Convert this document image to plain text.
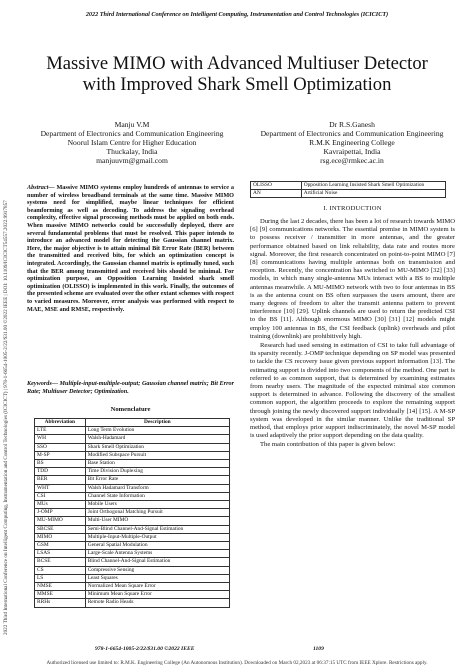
2022 Third International Conference on Intelligent Computing, Instrumentation and Control Technologies (ICICICT)
2022 Third International Conference on Intelligent Computing, Instrumentation and Control Technologies (ICICICT) | 978-1-6654-1005-2/22/$31.00 ©2022 IEEE | DOI: 10.1109/ICICICT54557.2022.9917857
Massive MIMO with Advanced Multiuser Detector
with Improved Shark Smell Optimization
Manju V.M
Department of Electronics and Communication Engineering
Noorul Islam Centre for Higher Education
Thuckalay, India
manjuuvm@gmail.com
Dr R.S.Ganesh
Department of Electronics and Communication Engineering
R.M.K Engineering College
Kavraipettai, India
rsg.ece@rmkec.ac.in
Abstract— Massive MIMO systems employ hundreds of antennas to service a number of wireless broadband terminals at the same time. Massive MIMO systems need for simplified, maybe linear techniques for efficient beamforming as well as decoding. To address the signaling overhead complexity, effective signal processing methods must be applied on both ends. When massive MIMO networks could be successfully deployed, there are several fundamental problems that must be resolved. This paper intends to introduce an advanced model for detecting the Gaussian channel matrix. Here, the major objective is to attain minimal Bit Error Rate (BER) between the transmitted and received bits, for which an optimization concept is integrated. Accordingly, the Gaussian channel matrix is optimally tuned, such that the BER among transmitted and received bits should be minimal. For optimization purpose, an Opposition Learning Insisted shark smell optimization (OLISSO) is implemented in this work. Finally, the outcomes of the presented scheme are evaluated over the other extant schemes with respect to varied measures. Moreover, error analysis was performed with respect to MAE, MSE and RMSE, respectively.
Keywords— Multiple-input-multiple-output; Gaussian channel matrix; Bit Error Rate; Multiuser Detector; Optimization.
Nomenclature
Abbreviation	Description
LTE	Long Term Evolution
WH	Walsh-Hadamard
SSO	Shark Smell Optimization
M-SP	Modified Subspace Pursuit
BS	Base Station
TDD	Time Division Duplexing
BER	Bit Error Rate
WHT	Walsh Hadamard Transform
CSI	Channel State Information
MUs	Mobile Users
J-OMP	Joint Orthogonal Matching Pursuit
MU-MIMO	Multi-User MIMO
SBCSE	Semi-Blind Channel-And-Signal Estimation
MIMO	Multiple-Input-Multiple-Output
GSM	General Spatial Modulation
LSAS	Large-Scale Antenna Systems
BCSE	Blind Channel-And-Signal Estimation
CS	Compressive Sensing
LS	Least Squares
NMSE	Normalized Mean Square Error
MMSE	Minimum Mean Square Error
RRHs	Remote Radio Heads
OLISSO	Opposition Learning Insisted Shark Smell Optimization
AN	Artificial Noise
I. INTRODUCTION

During the last 2 decades, there has been a lot of research towards MIMO [6] [9] communications networks. The essential premise in MIMO system is to possess receiver / transmitter in more antennas, and the greater performance obtained based on link reliability, data rate and routes more signal. Moreover, the first research concentrated on point-to-point MIMO [7] [8] communications having multiple antennas both on transmission and reception. Recently, the concentration has switched to MU-MIMO [32] [33] models, in which many single-antenna MUs interact with a BS to multiple antennas meanwhile. A MU-MIMO network with two to four antennas in BS is as the antenna count on BS often surpasses the users amount, there are many degrees of freedom to alter the transmit antenna pattern to prevent interference [10] [29]. Uplink channels are used to return the predicted CSI to the BS [11]. Although enormous MIMO [30] [31] [12] models might employ 100 antennas in BS, the CSI feedback (uplink) overheads and pilot training (downlink) are prohibitively high.

Research had used sensing in estimation of CSI to take full advantage of its sparsity recently. J-OMP technique depending on SP model was presented to tackle the CS recovery issue given previous support information [13]. The estimating support is divided into two components of the method. One part is referred to as common support, that is determined by examining estimates from nearby users. The magnitude of the expected minimal size common support is determined in advance. Following the discovery of the smallest common support, the algorithm proceeds to explore the remaining support through joining the newly discovered support individually [14] [15]. A M-SP system was developed in the similar manner. Unlike the traditional SP method, that employs prior support indiscriminately, the novel M-SP model is used adaptively the prior support depending on the data quality.

The main contribution of this paper is given below:

978-1-6654-1005-2/22/$31.00 ©2022 IEEE	1109
Authorized licensed use limited to: R.M.K. Engineering College (An Autonomous Institution). Downloaded on March 02,2023 at 06:37:15 UTC from IEEE Xplore. Restrictions apply.
